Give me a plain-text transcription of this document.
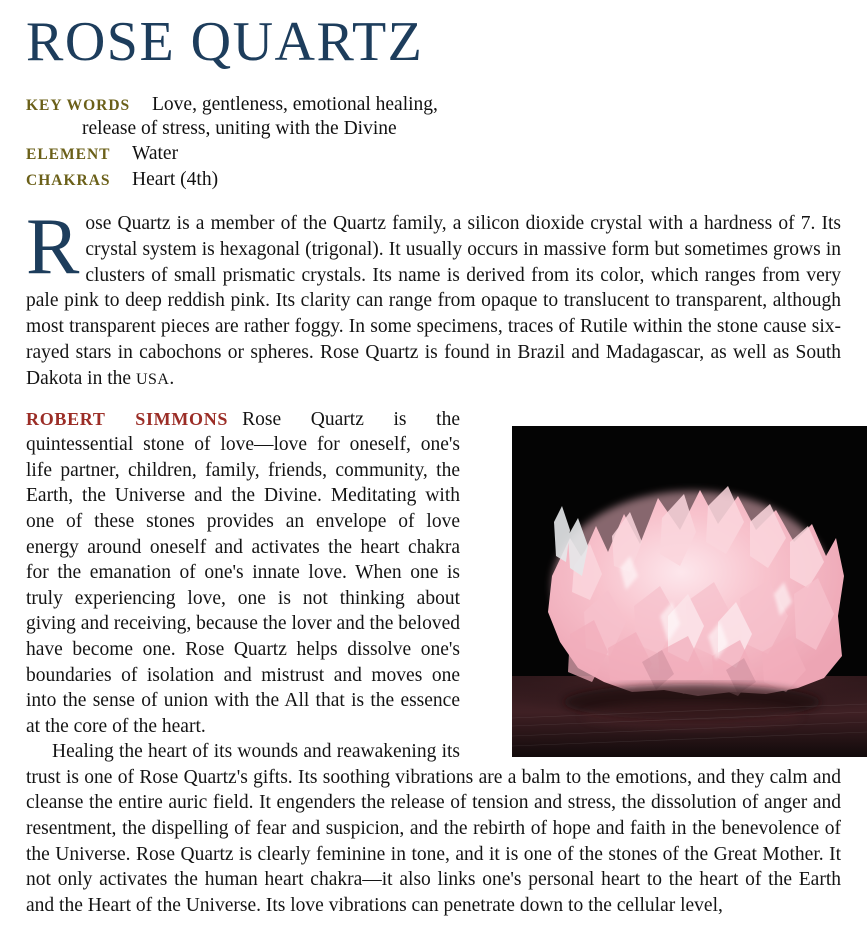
ROSE QUARTZ
KEY WORDS Love, gentleness, emotional healing,
release of stress, uniting with the Divine
ELEMENT Water
CHAKRAS Heart (4th)

Rose Quartz is a member of the Quartz family, a silicon dioxide crystal with a hardness of 7. Its crystal system is hexagonal (trigonal). It usually occurs in massive form but sometimes grows in clusters of small prismatic crystals. Its name is derived from its color, which ranges from very pale pink to deep reddish pink. Its clarity can range from opaque to translucent to transparent, although most transparent pieces are rather foggy. In some specimens, traces of Rutile within the stone cause six-rayed stars in cabochons or spheres. Rose Quartz is found in Brazil and Madagascar, as well as South Dakota in the USA.

ROBERT SIMMONS Rose Quartz is the quintessential stone of love—love for oneself, one's life partner, children, family, friends, community, the Earth, the Universe and the Divine. Meditating with one of these stones provides an envelope of love energy around oneself and activates the heart chakra for the emanation of one's innate love. When one is truly experiencing love, one is not thinking about giving and receiving, because the lover and the beloved have become one. Rose Quartz helps dissolve one's boundaries of isolation and mistrust and moves one into the sense of union with the All that is the essence at the core of the heart.

Healing the heart of its wounds and reawakening its trust is one of Rose Quartz's gifts. Its soothing vibrations are a balm to the emotions, and they calm and cleanse the entire auric field. It engenders the release of tension and stress, the dissolution of anger and resentment, the dispelling of fear and suspicion, and the rebirth of hope and faith in the benevolence of the Universe. Rose Quartz is clearly feminine in tone, and it is one of the stones of the Great Mother. It not only activates the human heart chakra—it also links one's personal heart to the heart of the Earth and the Heart of the Universe. Its love vibrations can penetrate down to the cellular level,
